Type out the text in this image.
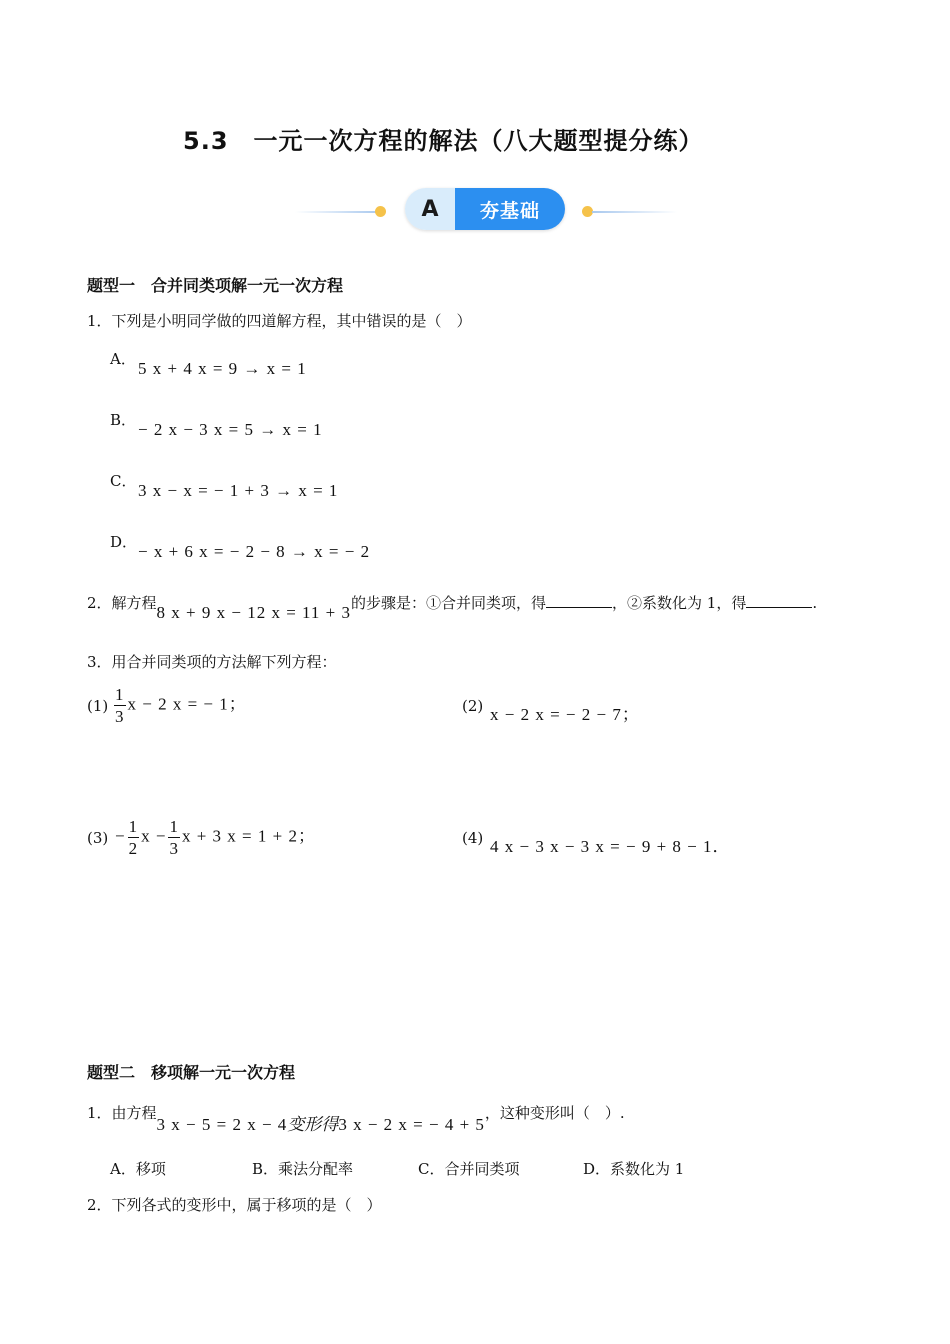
5.3　一元一次方程的解法（八大题型提分练）
A	夯基础
题型一　合并同类项解一元一次方程
1．下列是小明同学做的四道解方程，其中错误的是（　）
A． 5 x + 4 x = 9 → x = 1
B． − 2 x − 3 x = 5 → x = 1
C． 3 x − x = − 1 + 3 → x = 1
D． − x + 6 x = − 2 − 8 → x = − 2
2．解方程8 x + 9 x − 12 x = 11 + 3的步骤是：①合并同类项，得	，②系数化为 1，得	.
3．用合并同类项的方法解下列方程：
$(1) \frac{1}{3}$ x − 2 x = − 1；	(2) x − 2 x = − 2 − 7；
$(3) - \frac{1}{2}$ $x - \frac{1}{3}$ x + 3 x = 1 + 2；	(4) 4 x − 3 x − 3 x = − 9 + 8 − 1．
题型二　移项解一元一次方程
1．由方程3 x − 5 = 2 x − 4变形得3 x − 2 x = − 4 + 5，这种变形叫（　）.
A．移项	B．乘法分配率	C．合并同类项	D．系数化为 1
2．下列各式的变形中，属于移项的是（　）
